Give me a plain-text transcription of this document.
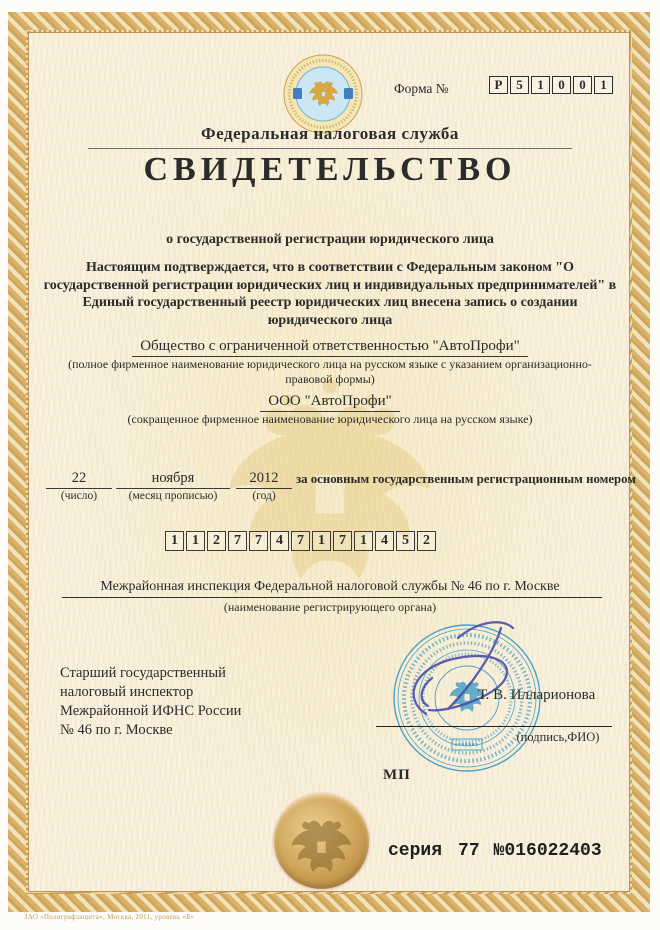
Форма №	Р	5	1	0	0	1
Федеральная налоговая служба
СВИДЕТЕЛЬСТВО
о государственной регистрации юридического лица
Настоящим подтверждается, что в соответствии с Федеральным законом "О государственной регистрации юридических лиц и индивидуальных предпринимателей" в Единый государственный реестр юридических лиц внесена запись о создании юридического лица
Общество с ограниченной ответственностью "АвтоПрофи"
(полное фирменное наименование юридического лица на русском языке с указанием организационно-правовой формы)
ООО "АвтоПрофи"
(сокращенное фирменное наименование юридического лица на русском языке)
22
(число)
ноября
(месяц прописью)
2012
(год)
за основным государственным регистрационным номером
1	1	2	7	7	4	7	1	7	1	4	5	2
Межрайонная инспекция Федеральной налоговой службы № 46 по г. Москве
(наименование регистрирующего органа)
Старший государственный
налоговый инспектор
Межрайонной ИФНС России
№ 46 по г. Москве
Т. В. Илларионова
(подпись,ФИО)
МП
серия 77 №016022403
ЗАО «Полиграфзащита», Москва, 2011, уровень «Б»
